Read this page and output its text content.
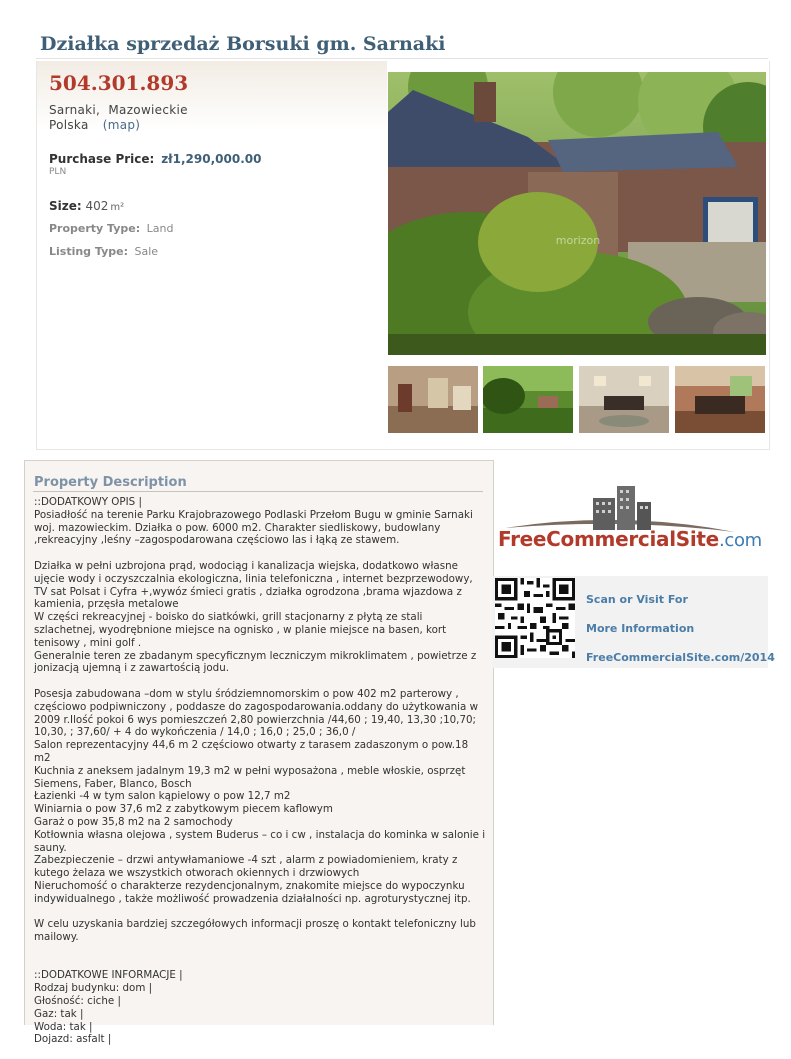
Działka sprzedaż Borsuki gm. Sarnaki
504.301.893
Sarnaki, Mazowieckie
Polska (map)
Purchase Price: zł1,290,000.00
PLN
Size: 402 m²
Property Type: Land
Listing Type: Sale
morizon
Property Description
::DODATKOWY OPIS |
Posiadłość na terenie Parku Krajobrazowego Podlaski Przełom Bugu w gminie Sarnaki woj. mazowieckim. Działka o pow. 6000 m2. Charakter siedliskowy, budowlany ,rekreacyjny ,leśny –zagospodarowana częściowo las i łąką ze stawem.
Działka w pełni uzbrojona prąd, wodociąg i kanalizacja wiejska, dodatkowo własne ujęcie wody i oczyszczalnia ekologiczna, linia telefoniczna , internet bezprzewodowy, TV sat Polsat i Cyfra +,wywóz śmieci gratis , działka ogrodzona ,brama wjazdowa z kamienia, przęsła metalowe
W części rekreacyjnej - boisko do siatkówki, grill stacjonarny z płytą ze stali szlachetnej, wyodrębnione miejsce na ognisko , w planie miejsce na basen, kort tenisowy , mini golf .
Generalnie teren ze zbadanym specyficznym leczniczym mikroklimatem , powietrze z jonizacją ujemną i z zawartością jodu.
Posesja zabudowana –dom w stylu śródziemnomorskim o pow 402 m2 parterowy , częściowo podpiwniczony , poddasze do zagospodarowania.oddany do użytkowania w 2009 r.Ilość pokoi 6 wys pomieszczeń 2,80 powierzchnia /44,60 ; 19,40, 13,30 ;10,70; 10,30, ; 37,60/ + 4 do wykończenia / 14,0 ; 16,0 ; 25,0 ; 36,0 /
Salon reprezentacyjny 44,6 m 2 częściowo otwarty z tarasem zadaszonym o pow.18 m2
Kuchnia z aneksem jadalnym 19,3 m2 w pełni wyposażona , meble włoskie, osprzęt Siemens, Faber, Blanco, Bosch
Łazienki -4 w tym salon kąpielowy o pow 12,7 m2
Winiarnia o pow 37,6 m2 z zabytkowym piecem kaflowym
Garaż o pow 35,8 m2 na 2 samochody
Kotłownia własna olejowa , system Buderus – co i cw , instalacja do kominka w salonie i sauny.
Zabezpieczenie – drzwi antywłamaniowe -4 szt , alarm z powiadomieniem, kraty z kutego żelaza we wszystkich otworach okiennych i drzwiowych
Nieruchomość o charakterze rezydencjonalnym, znakomite miejsce do wypoczynku indywidualnego , także możliwość prowadzenia działalności np. agroturystycznej itp.
W celu uzyskania bardziej szczegółowych informacji proszę o kontakt telefoniczny lub mailowy.

::DODATKOWE INFORMACJE |
Rodzaj budynku: dom |
Głośność: ciche |
Gaz: tak |
Woda: tak |
Dojazd: asfalt |
FreeCommercialSite.com
Scan or Visit For
More Information
FreeCommercialSite.com/2014
